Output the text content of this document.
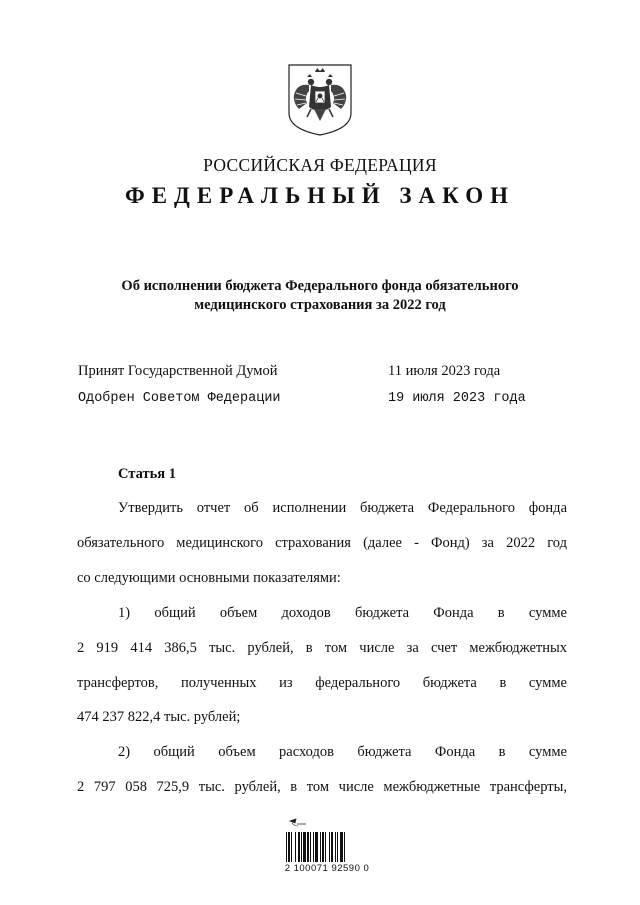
РОССИЙСКАЯ ФЕДЕРАЦИЯ
ФЕДЕРАЛЬНЫЙ ЗАКОН
Об исполнении бюджета Федерального фонда обязательного
медицинского страхования за 2022 год
Принят Государственной Думой	11 июля 2023 года
Одобрен Советом Федерации	19 июля 2023 года
Статья 1
Утвердить отчет об исполнении бюджета Федерального фонда
обязательного медицинского страхования (далее - Фонд) за 2022 год
со следующими основными показателями:
1) общий объем доходов бюджета Фонда в сумме
2 919 414 386,5 тыс. рублей, в том числе за счет межбюджетных
трансфертов, полученных из федерального бюджета в сумме
474 237 822,4 тыс. рублей;
2) общий объем расходов бюджета Фонда в сумме
2 797 058 725,9 тыс. рублей, в том числе межбюджетные трансферты,
2 100071 92590 0
